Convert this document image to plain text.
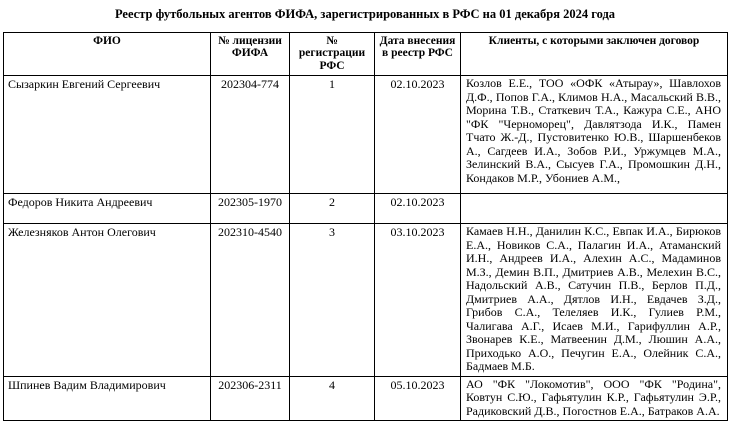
Реестр футбольных агентов ФИФА, зарегистрированных в РФС на 01 декабря 2024 года
ФИО	№ лицензии ФИФА	№ регистрации РФС	Дата внесения в реестр РФС	Клиенты, с которыми заключен договор
Сызаркин Евгений Сергеевич	202304-774	1	02.10.2023	Козлов Е.Е., ТОО «ОФК «Атырау», Шавлохов Д.Ф., Попов Г.А., Климов Н.А., Масальский В.В., Морина Т.В., Статкевич Т.А., Кажура С.Е., АНО "ФК "Черноморец", Давлятзода И.К., Памен Тчато Ж.-Д., Пустовитенко Ю.В., Шаршенбеков А., Сагдеев И.А., Зобов Р.И., Уржумцев М.А., Зелинский В.А., Сысуев Г.А., Промошкин Д.Н., Кондаков М.Р., Убониев А.М.,
Федоров Никита Андреевич	202305-1970	2	02.10.2023	
Железняков Антон Олегович	202310-4540	3	03.10.2023	Камаев Н.Н., Данилин К.С., Евпак И.А., Бирюков Е.А., Новиков С.А., Палагин И.А., Атаманский И.Н., Андреев И.А., Алехин А.С., Мадаминов М.З., Демин В.П., Дмитриев А.В., Мелехин В.С., Надольский А.В., Сатучин П.В., Берлов П.Д., Дмитриев А.А., Дятлов И.Н., Евдачев З.Д., Грибов С.А., Телеляев И.К., Гулиев Р.М., Чалигава А.Г., Исаев М.И., Гарифуллин А.Р., Звонарев К.Е., Матвеенин Д.М., Люшин А.А., Приходько А.О., Печугин Е.А., Олейник С.А., Бадмаев М.Б.
Шпинев Вадим Владимирович	202306-2311	4	05.10.2023	АО "ФК "Локомотив", ООО "ФК "Родина", Ковтун С.Ю., Гафьятулин К.Р., Гафьятулин Э.Р., Радиковский Д.В., Погостнов Е.А., Батраков А.А.
